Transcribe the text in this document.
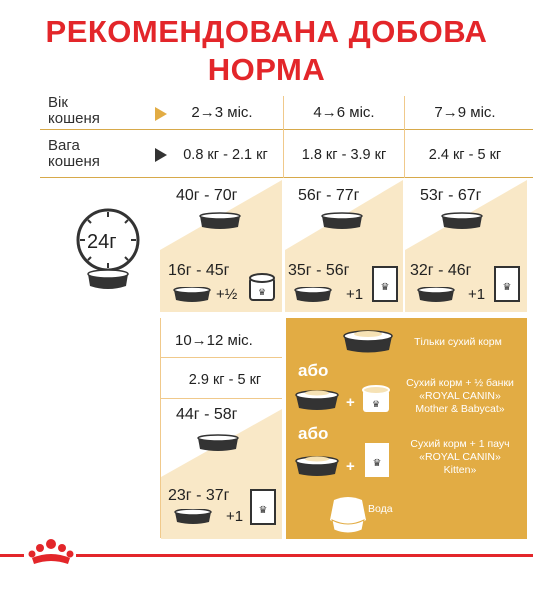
РЕКОМЕНДОВАНА ДОБОВА
НОРМА
Вік
кошеня
Вага
кошеня
2→3 міс.	4→6 міс.	7→9 міс.
0.8 кг - 2.1 кг	1.8 кг - 3.9 кг	2.4 кг - 5 кг
24г
40г - 70г
16г - 45г
+½ ♛
56г - 77г
35г - 56г
+1 ♛
53г - 67г
32г - 46г
+1 ♛
10→12 міс.
2.9 кг - 5 кг
44г - 58г
23г - 37г
+1 ♛
Тільки сухий корм
або
+ ♛
Сухий корм + ½ банки
«ROYAL CANIN»
Mother & Babycat»
або
+ ♛
Сухий корм + 1 пауч
«ROYAL CANIN»
Kitten»
Вода
